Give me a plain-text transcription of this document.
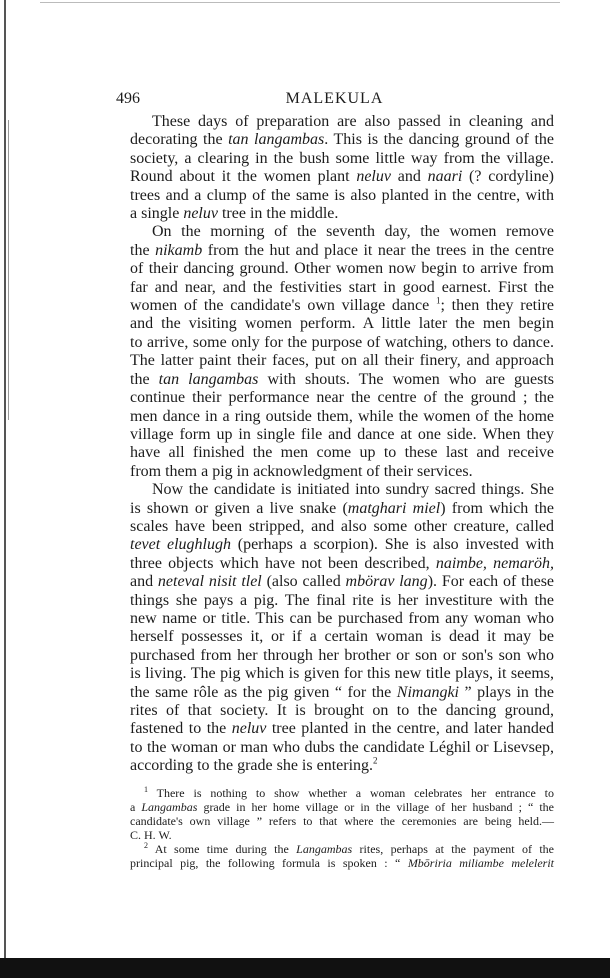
496	MALEKULA
These days of preparation are also passed in cleaning and
decorating the tan langambas. This is the dancing ground of the
society, a clearing in the bush some little way from the village.
Round about it the women plant neluv and naari (? cordyline)
trees and a clump of the same is also planted in the centre, with
a single neluv tree in the middle.
On the morning of the seventh day, the women remove
the nikamb from the hut and place it near the trees in the centre
of their dancing ground. Other women now begin to arrive from
far and near, and the festivities start in good earnest. First the
women of the candidate's own village dance $^1$; then they retire
and the visiting women perform. A little later the men begin
to arrive, some only for the purpose of watching, others to dance.
The latter paint their faces, put on all their finery, and approach
the tan langambas with shouts. The women who are guests
continue their performance near the centre of the ground ; the
men dance in a ring outside them, while the women of the home
village form up in single file and dance at one side. When they
have all finished the men come up to these last and receive
from them a pig in acknowledgment of their services.
Now the candidate is initiated into sundry sacred things. She
is shown or given a live snake (matghari miel) from which the
scales have been stripped, and also some other creature, called
tevet elughlugh (perhaps a scorpion). She is also invested with
three objects which have not been described, naimbe, nemaröh,
and neteval nisit tlel (also called mbörav lang). For each of these
things she pays a pig. The final rite is her investiture with the
new name or title. This can be purchased from any woman who
herself possesses it, or if a certain woman is dead it may be
purchased from her through her brother or son or son's son who
is living. The pig which is given for this new title plays, it seems,
the same rôle as the pig given “ for the Nimangki ” plays in the
rites of that society. It is brought on to the dancing ground,
fastened to the neluv tree planted in the centre, and later handed
to the woman or man who dubs the candidate Léghil or Lisevsep,
according to the grade she is entering.$^2$
$^1$ There is nothing to show whether a woman celebrates her entrance to
a Langambas grade in her home village or in the village of her husband ; “ the
candidate's own village ” refers to that where the ceremonies are being held.—
C. H. W.
$^2$ At some time during the Langambas rites, perhaps at the payment of the
principal pig, the following formula is spoken : “ Mbōriria miliambe melelerit
